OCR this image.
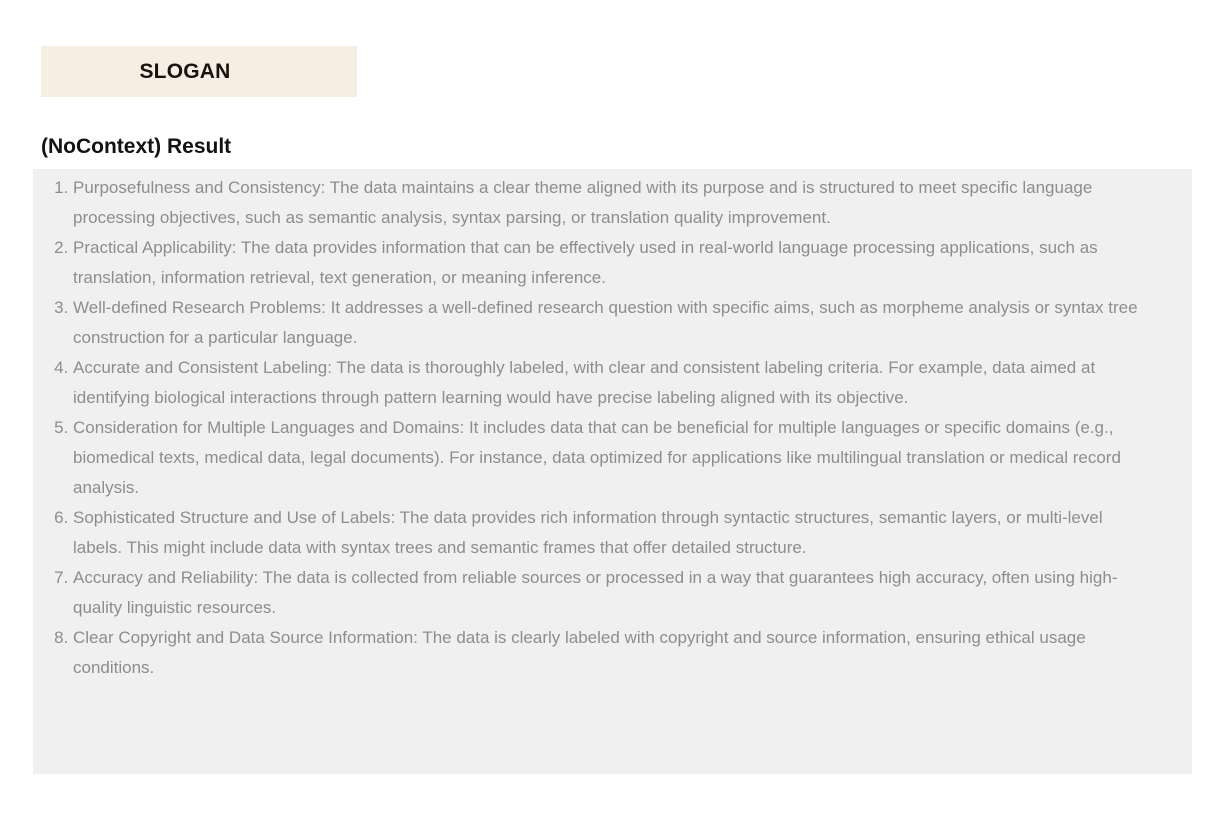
SLOGAN
(NoContext) Result
1. Purposefulness and Consistency: The data maintains a clear theme aligned with its purpose and is structured to meet specific language processing objectives, such as semantic analysis, syntax parsing, or translation quality improvement.
2. Practical Applicability: The data provides information that can be effectively used in real-world language processing applications, such as translation, information retrieval, text generation, or meaning inference.
3. Well-defined Research Problems: It addresses a well-defined research question with specific aims, such as morpheme analysis or syntax tree construction for a particular language.
4. Accurate and Consistent Labeling: The data is thoroughly labeled, with clear and consistent labeling criteria. For example, data aimed at identifying biological interactions through pattern learning would have precise labeling aligned with its objective.
5. Consideration for Multiple Languages and Domains: It includes data that can be beneficial for multiple languages or specific domains (e.g., biomedical texts, medical data, legal documents). For instance, data optimized for applications like multilingual translation or medical record analysis.
6. Sophisticated Structure and Use of Labels: The data provides rich information through syntactic structures, semantic layers, or multi-level labels. This might include data with syntax trees and semantic frames that offer detailed structure.
7. Accuracy and Reliability: The data is collected from reliable sources or processed in a way that guarantees high accuracy, often using high-quality linguistic resources.
8. Clear Copyright and Data Source Information: The data is clearly labeled with copyright and source information, ensuring ethical usage conditions.
